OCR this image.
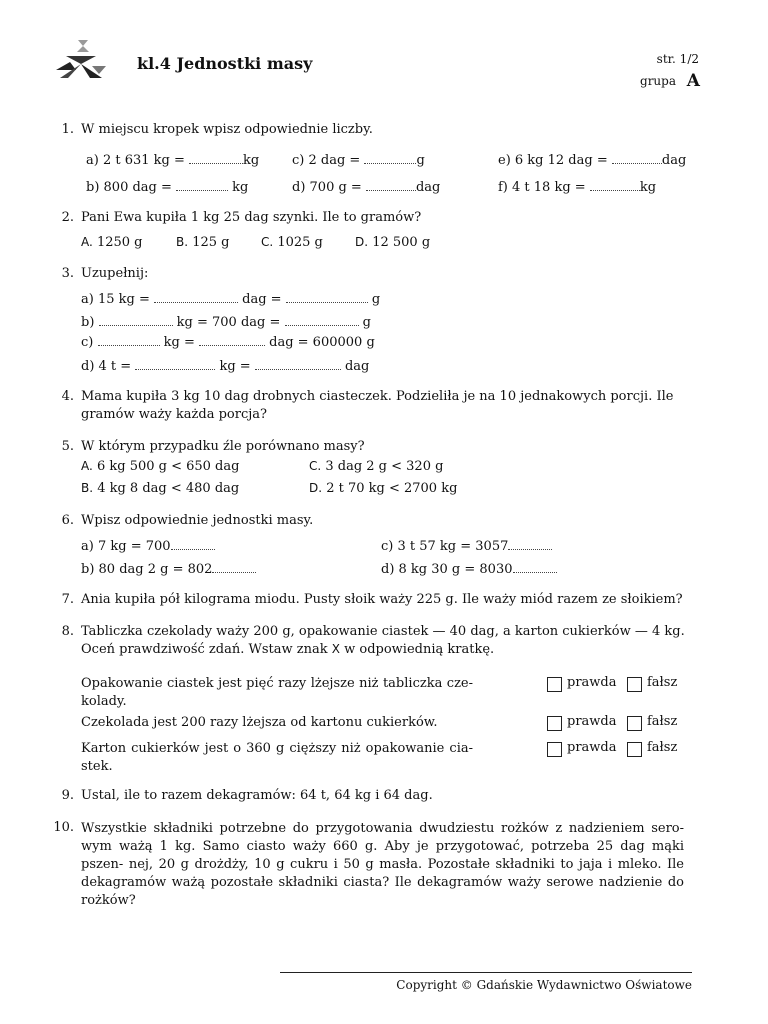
kl.4 Jednostki masy	str. 1/2
grupa A
1. W miejscu kropek wpisz odpowiednie liczby.
a) 2 t 631 kg =	kg
b) 800 dag =	kg
c) 2 dag =	g
d) 700 g =	dag
e) 6 kg 12 dag =	dag
f) 4 t 18 kg =	kg
2. Pani Ewa kupiła 1 kg 25 dag szynki. Ile to gramów?
A. 1250 g	B. 125 g	C. 1025 g	D. 12 500 g
3. Uzupełnij:
a) 15 kg =	dag =	g
b)	kg = 700 dag =	g
c)	kg =	dag = 600000 g
d) 4 t =	kg =	dag
4. Mama kupiła 3 kg 10 dag drobnych ciasteczek. Podzieliła je na 10 jednakowych porcji. Ile
gramów waży każda porcja?
5. W którym przypadku źle porównano masy?
A. 6 kg 500 g < 650 dag
B. 4 kg 8 dag < 480 dag
C. 3 dag 2 g < 320 g
D. 2 t 70 kg < 2700 kg
6. Wpisz odpowiednie jednostki masy.
a) 7 kg = 700
b) 80 dag 2 g = 802
c) 3 t 57 kg = 3057
d) 8 kg 30 g = 8030
7. Ania kupiła pół kilograma miodu. Pusty słoik waży 225 g. Ile waży miód razem ze słoikiem?
8. Tabliczka czekolady waży 200 g, opakowanie ciastek — 40 dag, a karton cukierków — 4 kg.
Oceń prawdziwość zdań. Wstaw znak X w odpowiednią kratkę.
Opakowanie ciastek jest pięć razy lżejsze niż tabliczka cze- kolady.
prawda fałsz
Czekolada jest 200 razy lżejsza od kartonu cukierków.	prawda fałsz
Karton cukierków jest o 360 g cięższy niż opakowanie cia- stek.
prawda fałsz
9. Ustal, ile to razem dekagramów: 64 t, 64 kg i 64 dag.
10. Wszystkie składniki potrzebne do przygotowania dwudziestu rożków z nadzieniem sero- wym ważą 1 kg. Samo ciasto waży 660 g. Aby je przygotować, potrzeba 25 dag mąki pszen- nej, 20 g drożdży, 10 g cukru i 50 g masła. Pozostałe składniki to jaja i mleko. Ile dekagramów ważą pozostałe składniki ciasta? Ile dekagramów waży serowe nadzienie do rożków?
Copyright © Gdańskie Wydawnictwo Oświatowe
